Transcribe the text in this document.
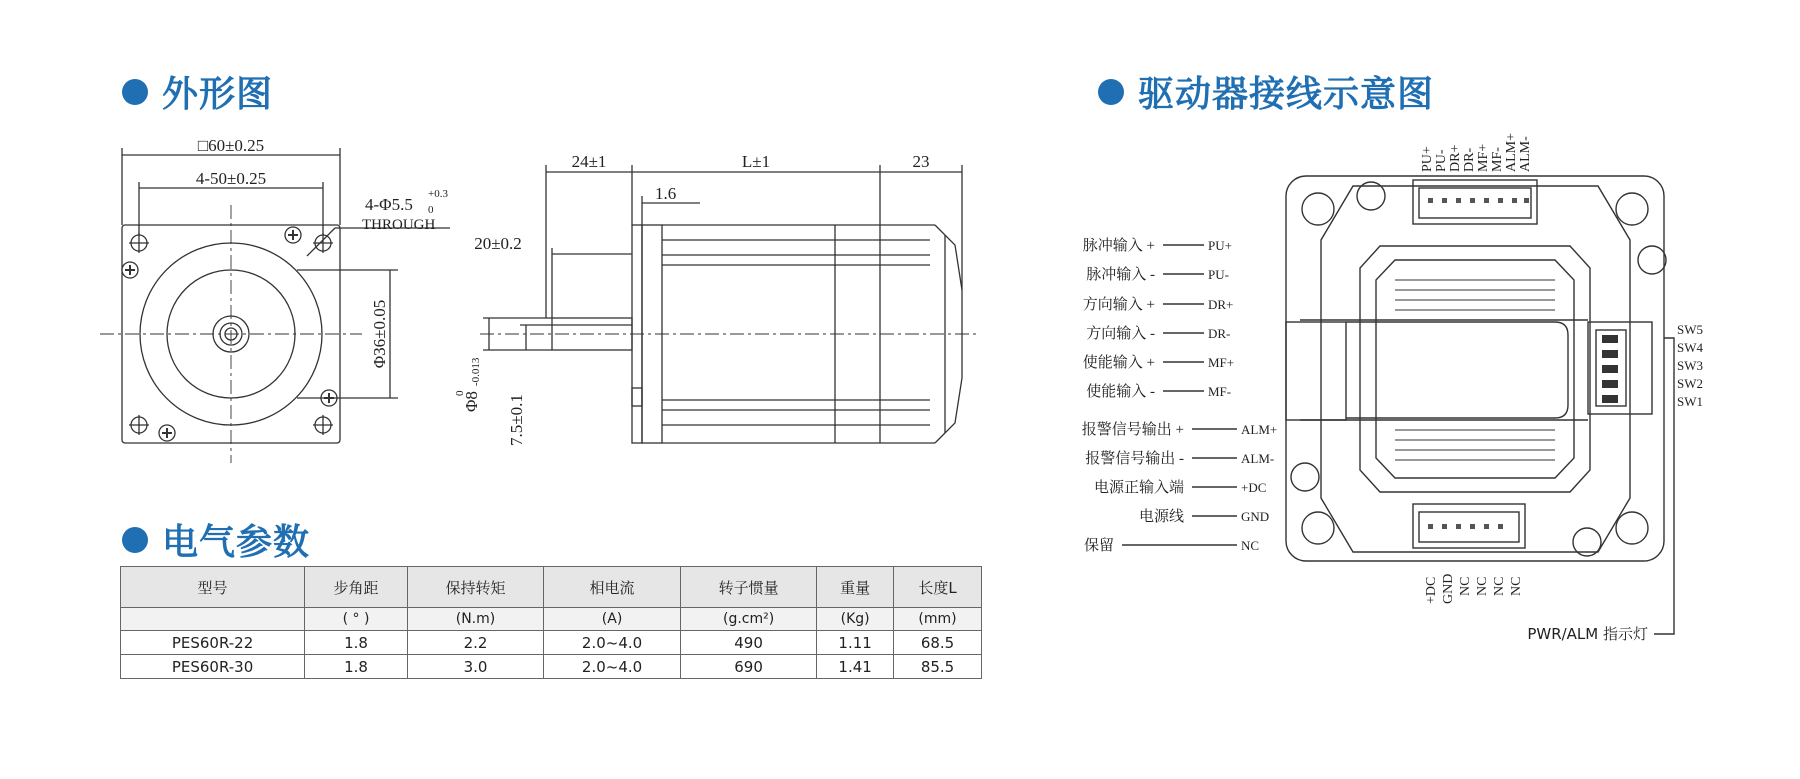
外形图
电气参数
驱动器接线示意图
□60±0.25
4-50±0.25
4-Φ5.5
+0.3
0
THROUGH
Φ36±0.05
24±1	L±1	23
1.6
20±0.2
Φ8
0
-0.013
7.5±0.1
型号	步角距	保持转矩	相电流	转子惯量	重量	长度L
	( ° )	(N.m)	(A)	(g.cm²)	(Kg)	(mm)
PES60R-22	1.8	2.2	2.0~4.0	490	1.11	68.5
PES60R-30	1.8	3.0	2.0~4.0	690	1.41	85.5
脉冲输入 +
脉冲输入 -
方向输入 +
方向输入 -
使能输入 +
使能输入 -
报警信号输出 +
报警信号输出 -
电源正输入端
电源线
保留
PU+
PU-
DR+
DR-
MF+
MF-
ALM+
ALM-
+DC
GND
NC
PU+ PU- DR+ DR- MF+ MF- ALM+ ALM-
+DC GND NC NC NC NC
SW5
SW4
SW3
SW2
SW1
PWR/ALM 指示灯
